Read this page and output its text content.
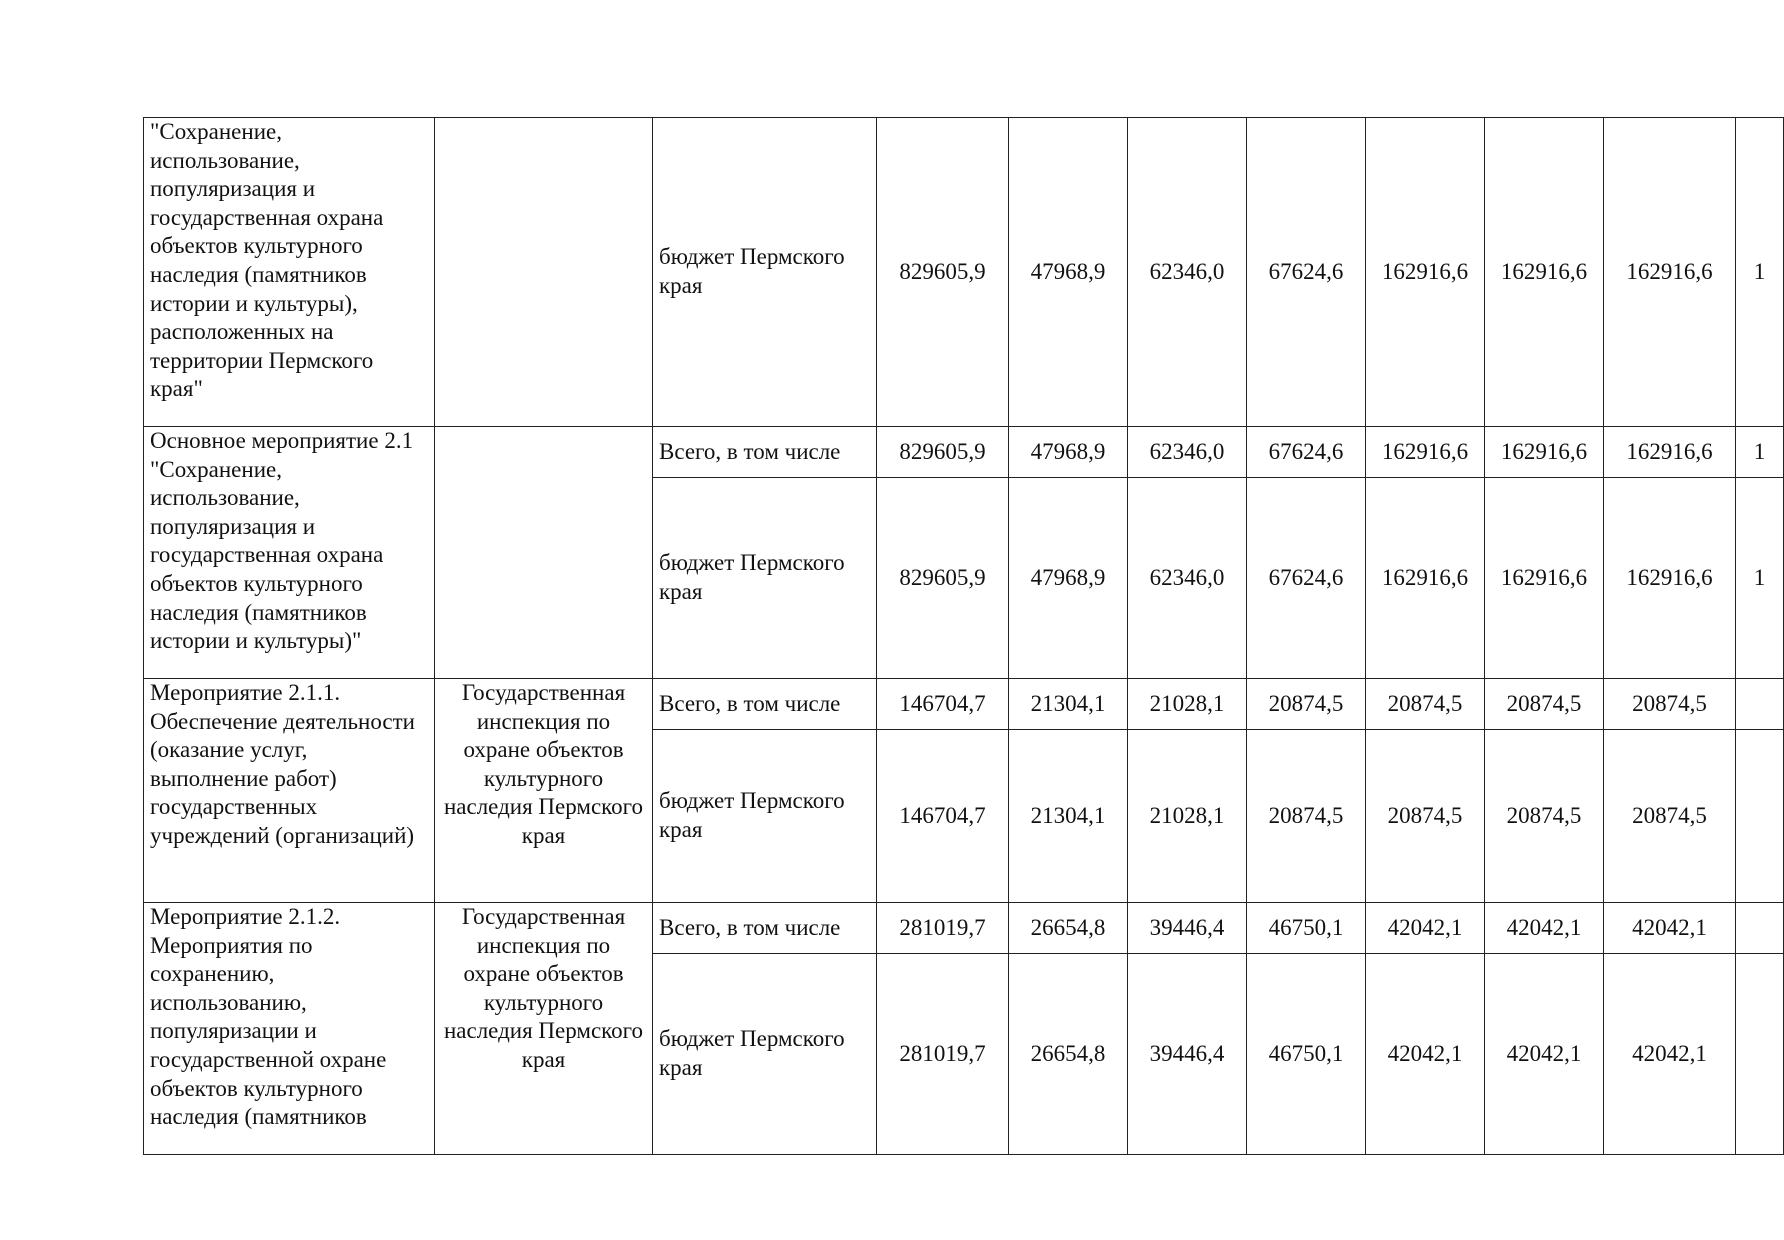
"Сохранение, использование, популяризация и государственная охрана объектов культурного наследия (памятников истории и культуры), расположенных на территории Пермского края"		бюджет Пермского края	829605,9	47968,9	62346,0	67624,6	162916,6	162916,6	162916,6	1
Основное мероприятие 2.1 "Сохранение, использование, популяризация и государственная охрана объектов культурного наследия (памятников истории и культуры)"		Всего, в том числе	829605,9	47968,9	62346,0	67624,6	162916,6	162916,6	162916,6	1
		бюджет Пермского края	829605,9	47968,9	62346,0	67624,6	162916,6	162916,6	162916,6	1
Мероприятие 2.1.1. Обеспечение деятельности (оказание услуг, выполнение работ) государственных учреждений (организаций)	Государственная инспекция по охране объектов культурного наследия Пермского края	Всего, в том числе	146704,7	21304,1	21028,1	20874,5	20874,5	20874,5	20874,5	
		бюджет Пермского края	146704,7	21304,1	21028,1	20874,5	20874,5	20874,5	20874,5	
Мероприятие 2.1.2. Мероприятия по сохранению, использованию, популяризации и государственной охране объектов культурного наследия (памятников	Государственная инспекция по охране объектов культурного наследия Пермского края	Всего, в том числе	281019,7	26654,8	39446,4	46750,1	42042,1	42042,1	42042,1	
		бюджет Пермского края	281019,7	26654,8	39446,4	46750,1	42042,1	42042,1	42042,1	
